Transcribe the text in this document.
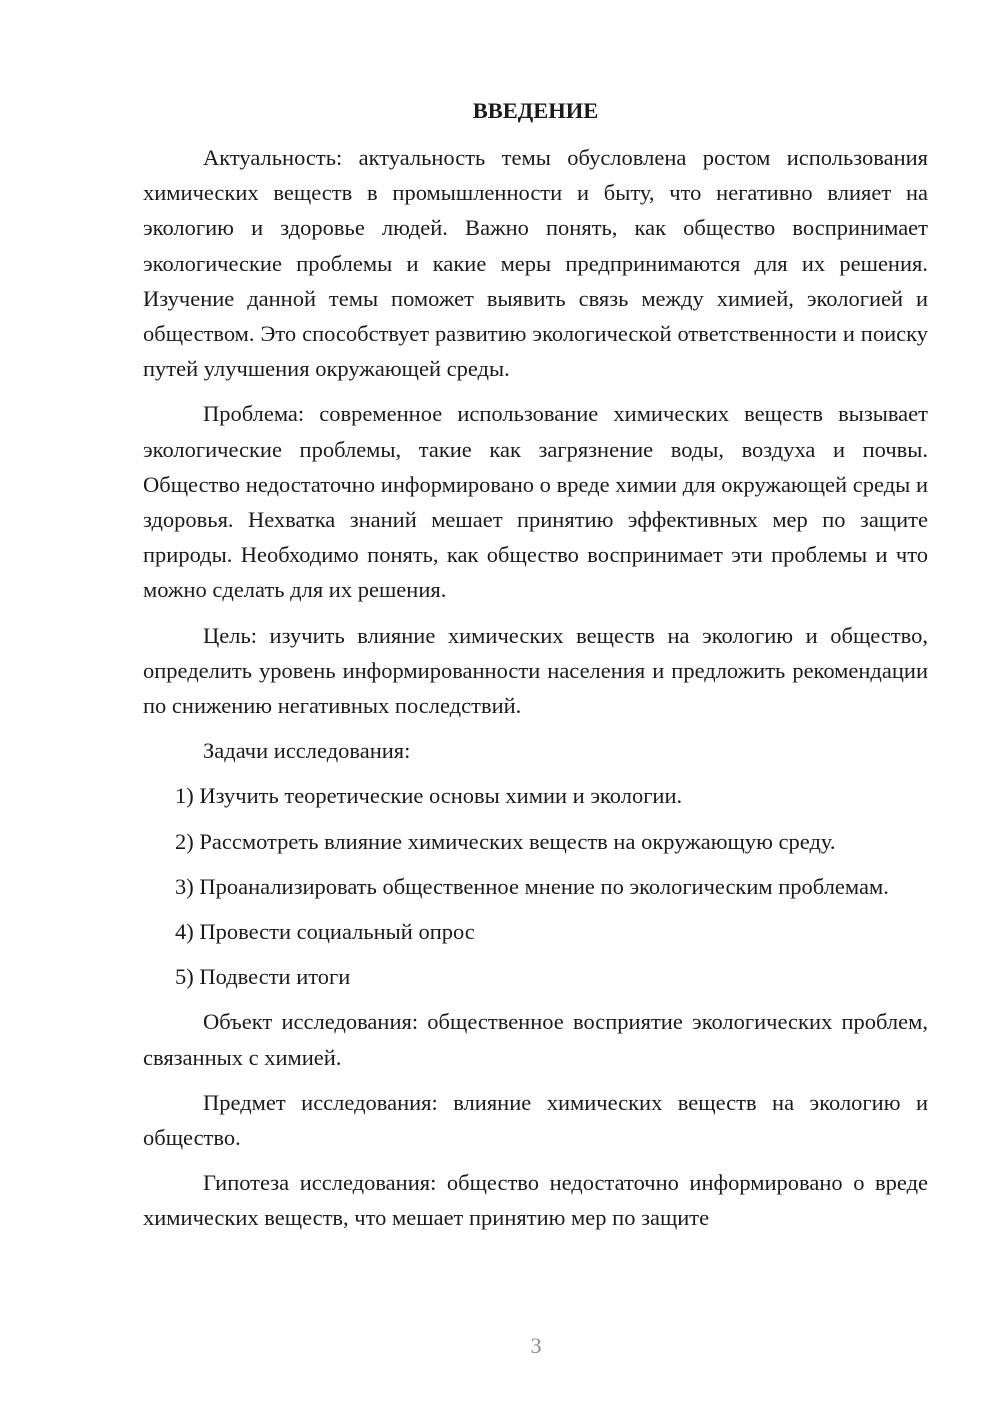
ВВЕДЕНИЕ

Актуальность: актуальность темы обусловлена ростом использования химических веществ в промышленности и быту, что негативно влияет на экологию и здоровье людей. Важно понять, как общество воспринимает экологические проблемы и какие меры предпринимаются для их решения. Изучение данной темы поможет выявить связь между химией, экологией и обществом. Это способствует развитию экологической ответственности и поиску путей улучшения окружающей среды.

Проблема: современное использование химических веществ вызывает экологические проблемы, такие как загрязнение воды, воздуха и почвы. Общество недостаточно информировано о вреде химии для окружающей среды и здоровья. Нехватка знаний мешает принятию эффективных мер по защите природы. Необходимо понять, как общество воспринимает эти проблемы и что можно сделать для их решения.

Цель: изучить влияние химических веществ на экологию и общество, определить уровень информированности населения и предложить рекомендации по снижению негативных последствий.

Задачи исследования:

1) Изучить теоретические основы химии и экологии.

2) Рассмотреть влияние химических веществ на окружающую среду.

3) Проанализировать общественное мнение по экологическим проблемам.

4) Провести социальный опрос

5) Подвести итоги

Объект исследования: общественное восприятие экологических проблем, связанных с химией.

Предмет исследования: влияние химических веществ на экологию и общество.

Гипотеза исследования: общество недостаточно информировано о вреде химических веществ, что мешает принятию мер по защите

3
